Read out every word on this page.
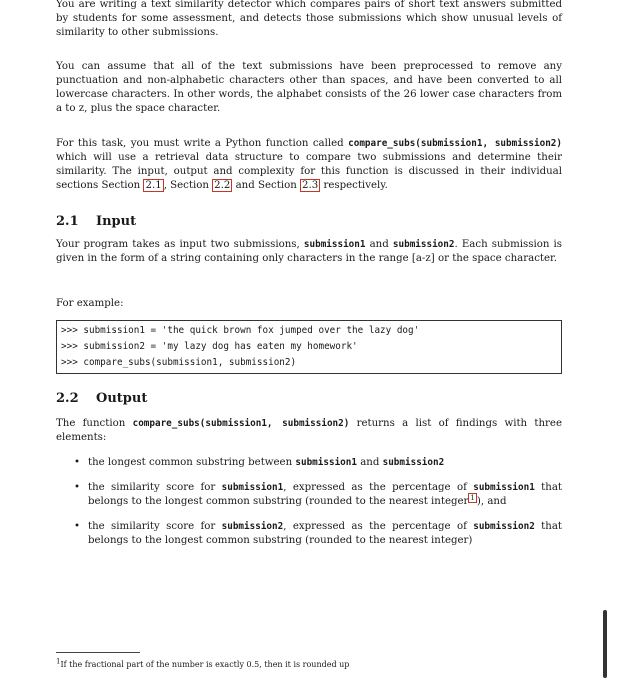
You are writing a text similarity detector which compares pairs of short text answers submitted by students for some assessment, and detects those submissions which show unusual levels of similarity to other submissions.

You can assume that all of the text submissions have been preprocessed to remove any punctuation and non-alphabetic characters other than spaces, and have been converted to all lowercase characters. In other words, the alphabet consists of the 26 lower case characters from a to z, plus the space character.

For this task, you must write a Python function called compare_subs(submission1, submission2) which will use a retrieval data structure to compare two submissions and determine their similarity. The input, output and complexity for this function is discussed in their individual sections Section 2.1 , Section 2.2 and Section 2.3 respectively.

2.1 Input

Your program takes as input two submissions, submission1 and submission2. Each submission is given in the form of a string containing only characters in the range [a-z] or the space character.

For example:

>>> submission1 = 'the quick brown fox jumped over the lazy dog'
>>> submission2 = 'my lazy dog has eaten my homework'
>>> compare_subs(submission1, submission2)
2.2 Output

The function compare_subs(submission1, submission2) returns a list of findings with three elements:

• the longest common substring between submission1 and submission2
• the similarity score for submission1, expressed as the percentage of submission1 that belongs to the longest common substring (rounded to the nearest integer $^1$ ), and
• the similarity score for submission2, expressed as the percentage of submission2 that belongs to the longest common substring (rounded to the nearest integer)
$^1$If the fractional part of the number is exactly 0.5, then it is rounded up
